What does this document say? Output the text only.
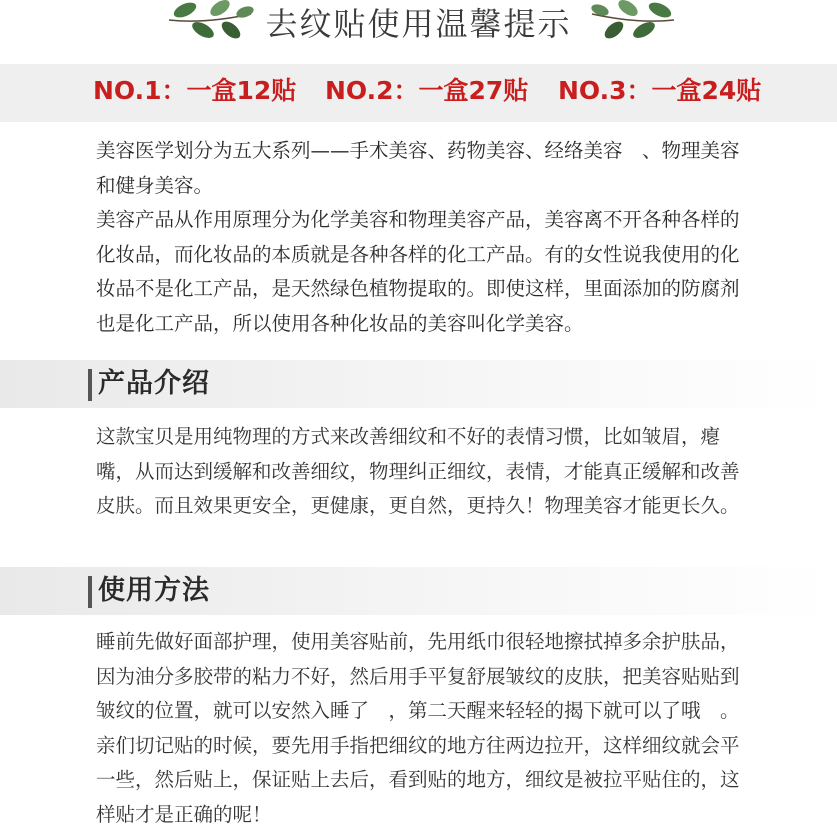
去纹贴使用温馨提示
NO.1：一盒12贴 NO.2：一盒27贴 NO.3：一盒24贴

美容医学划分为五大系列——手术美容、药物美容、经络美容　、物理美容和健身美容。

美容产品从作用原理分为化学美容和物理美容产品，美容离不开各种各样的化妆品，而化妆品的本质就是各种各样的化工产品。有的女性说我使用的化妆品不是化工产品，是天然绿色植物提取的。即使这样，里面添加的防腐剂也是化工产品，所以使用各种化妆品的美容叫化学美容。

产品介绍

这款宝贝是用纯物理的方式来改善细纹和不好的表情习惯，比如皱眉，瘪嘴，从而达到缓解和改善细纹，物理纠正细纹，表情，才能真正缓解和改善皮肤。而且效果更安全，更健康，更自然，更持久！物理美容才能更长久。

使用方法

睡前先做好面部护理，使用美容贴前，先用纸巾很轻地擦拭掉多余护肤品，因为油分多胶带的粘力不好，然后用手平复舒展皱纹的皮肤，把美容贴贴到皱纹的位置，就可以安然入睡了　，第二天醒来轻轻的揭下就可以了哦　。亲们切记贴的时候，要先用手指把细纹的地方往两边拉开，这样细纹就会平一些，然后贴上，保证贴上去后，看到贴的地方，细纹是被拉平贴住的，这样贴才是正确的呢！
